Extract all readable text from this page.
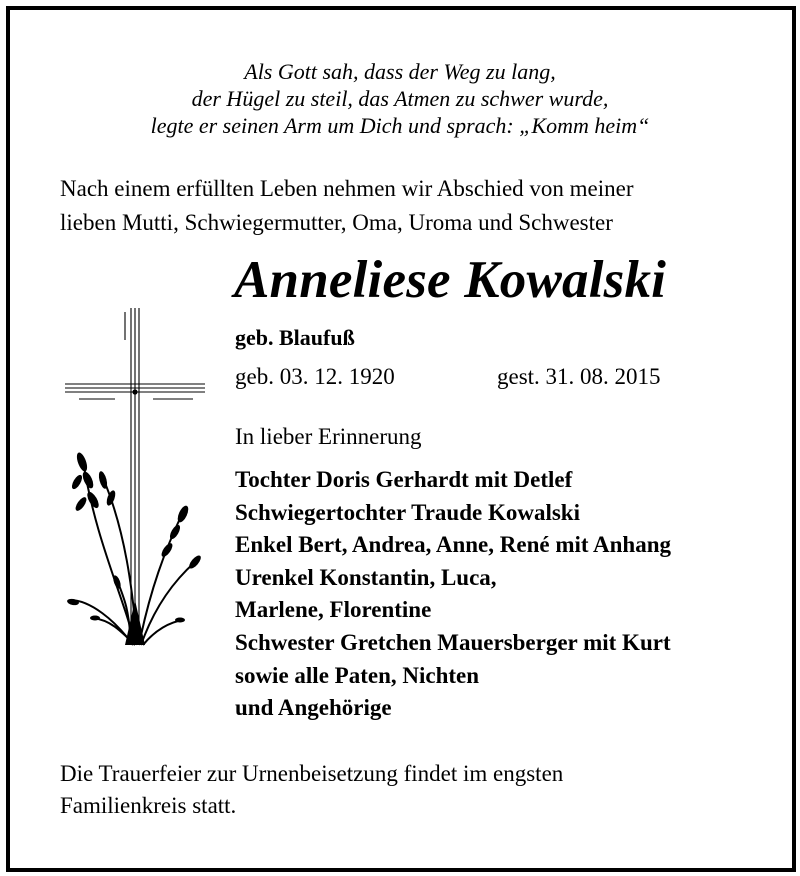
Als Gott sah, dass der Weg zu lang,
der Hügel zu steil, das Atmen zu schwer wurde,
legte er seinen Arm um Dich und sprach: „Komm heim“
Nach einem erfüllten Leben nehmen wir Abschied von meiner
lieben Mutti, Schwiegermutter, Oma, Uroma und Schwester
Anneliese Kowalski
geb. Blaufuß
geb. 03. 12. 1920	gest. 31. 08. 2015
In lieber Erinnerung
Tochter Doris Gerhardt mit Detlef
Schwiegertochter Traude Kowalski
Enkel Bert, Andrea, Anne, René mit Anhang
Urenkel Konstantin, Luca,
Marlene, Florentine
Schwester Gretchen Mauersberger mit Kurt
sowie alle Paten, Nichten
und Angehörige
Die Trauerfeier zur Urnenbeisetzung findet im engsten
Familienkreis statt.
